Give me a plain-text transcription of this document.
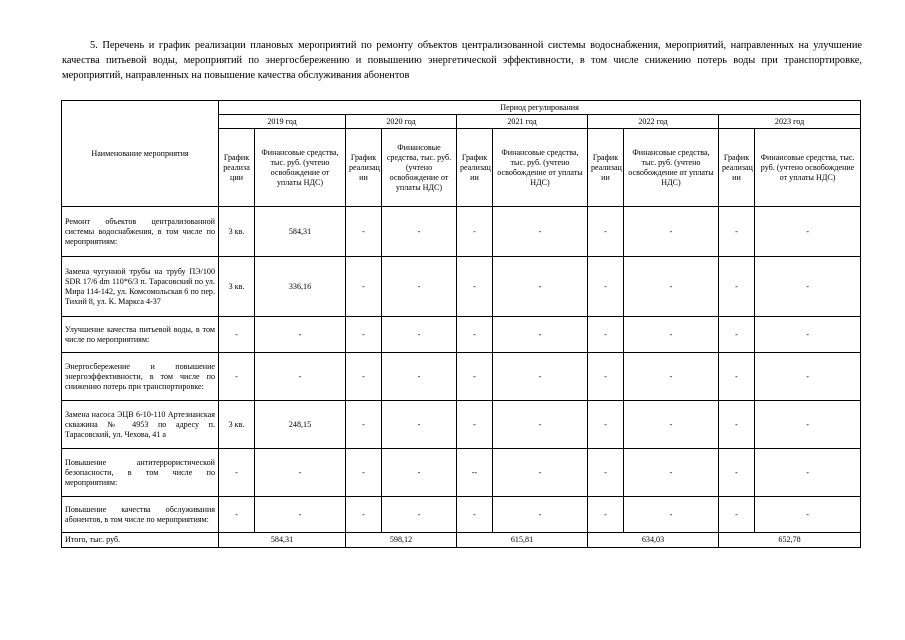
5. Перечень и график реализации плановых мероприятий по ремонту объектов централизованной системы водоснабжения, мероприятий, направленных на улучшение качества питьевой воды, мероприятий по энергосбережению и повышению энергетической эффективности, в том числе снижению потерь воды при транспортировке, мероприятий, направленных на повышение качества обслуживания абонентов

Наименование мероприятия	Период регулирования									
	2019 год		2020 год		2021 год		2022 год		2023 год	
	График реализа ции	Финансовые средства, тыс. руб. (учтено освобождение от уплаты НДС)	График реализац ии	Финансовые средства, тыс. руб. (учтено освобождение от уплаты НДС)	График реализац ии	Финансовые средства, тыс. руб. (учтено освобождение от уплаты НДС)	График реализац ии	Финансовые средства, тыс. руб. (учтено освобождение от уплаты НДС)	График реализац ии	Финансовые средства, тыс. руб. (учтено освобождение от уплаты НДС)
Ремонт объектов централизованной системы водоснабжения, в том числе по мероприятиям:	3 кв.	584,31	-	-	-	-	-	-	-	-
Замена чугунной трубы на трубу ПЭ/100 SDR 17/6 dm 110*6/3 п. Тарасовский по ул. Мира 114-142, ул. Комсомольская 6 по пер. Тихий 8, ул. К. Маркса 4-37	3 кв.	336,16	-	-	-	-	-	-	-	-
Улучшение качества питьевой воды, в том числе по мероприятиям:	-	-	-	-	-	-	-	-	-	-
Энергосбережение и повышение энергоэффективности, в том числе по снижению потерь при транспортировке:	-	-	-	-	-	-	-	-	-	-
Замена насоса ЭЦВ 6-10-110 Артезианская скважина № 4953 по адресу п. Тарасовский, ул. Чехова, 41 а	3 кв.	248,15	-	-	-	-	-	-	-	-
Повышение антитеррористической безопасности, в том числе по мероприятиям:	-	-	-	-	--	-	-	-	-	-
Повышение качества обслуживания абонентов, в том числе по мероприятиям:	-	-	-	-	-	-	-	-	-	-
Итого, тыс. руб.	584,31		598,12		615,81		634,03		652,78	
